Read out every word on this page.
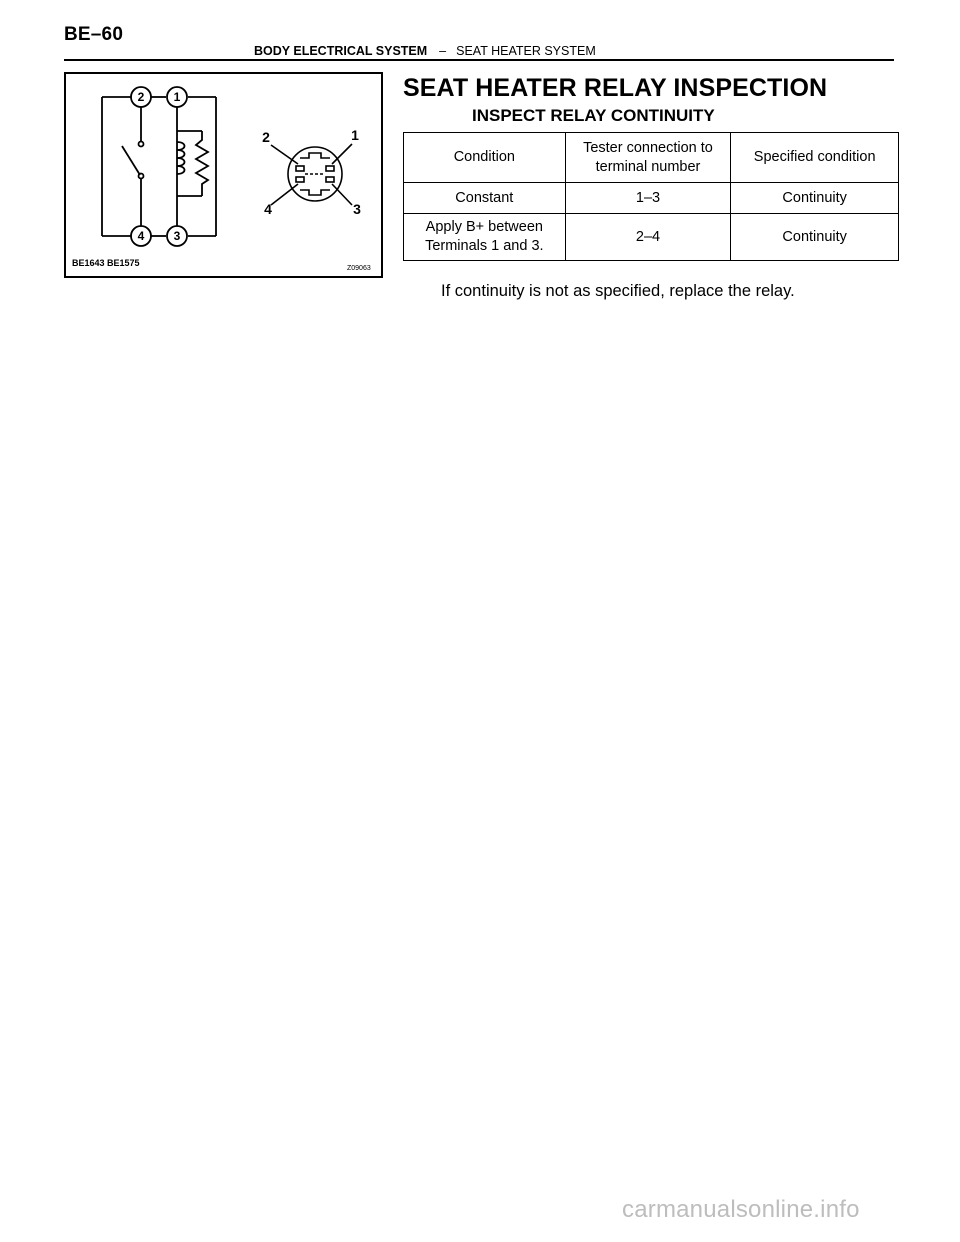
BE–60
BODY ELECTRICAL SYSTEM – SEAT HEATER SYSTEM
2 1
4 3
2	1
4	3
BE1643 BE1575
Z09063
SEAT HEATER RELAY INSPECTION
INSPECT RELAY CONTINUITY
Condition	Tester connection to terminal number	Specified condition
Constant	1–3	Continuity
Apply B+ between Terminals 1 and 3.	2–4	Continuity
If continuity is not as specified, replace the relay.
carmanualsonline.info
